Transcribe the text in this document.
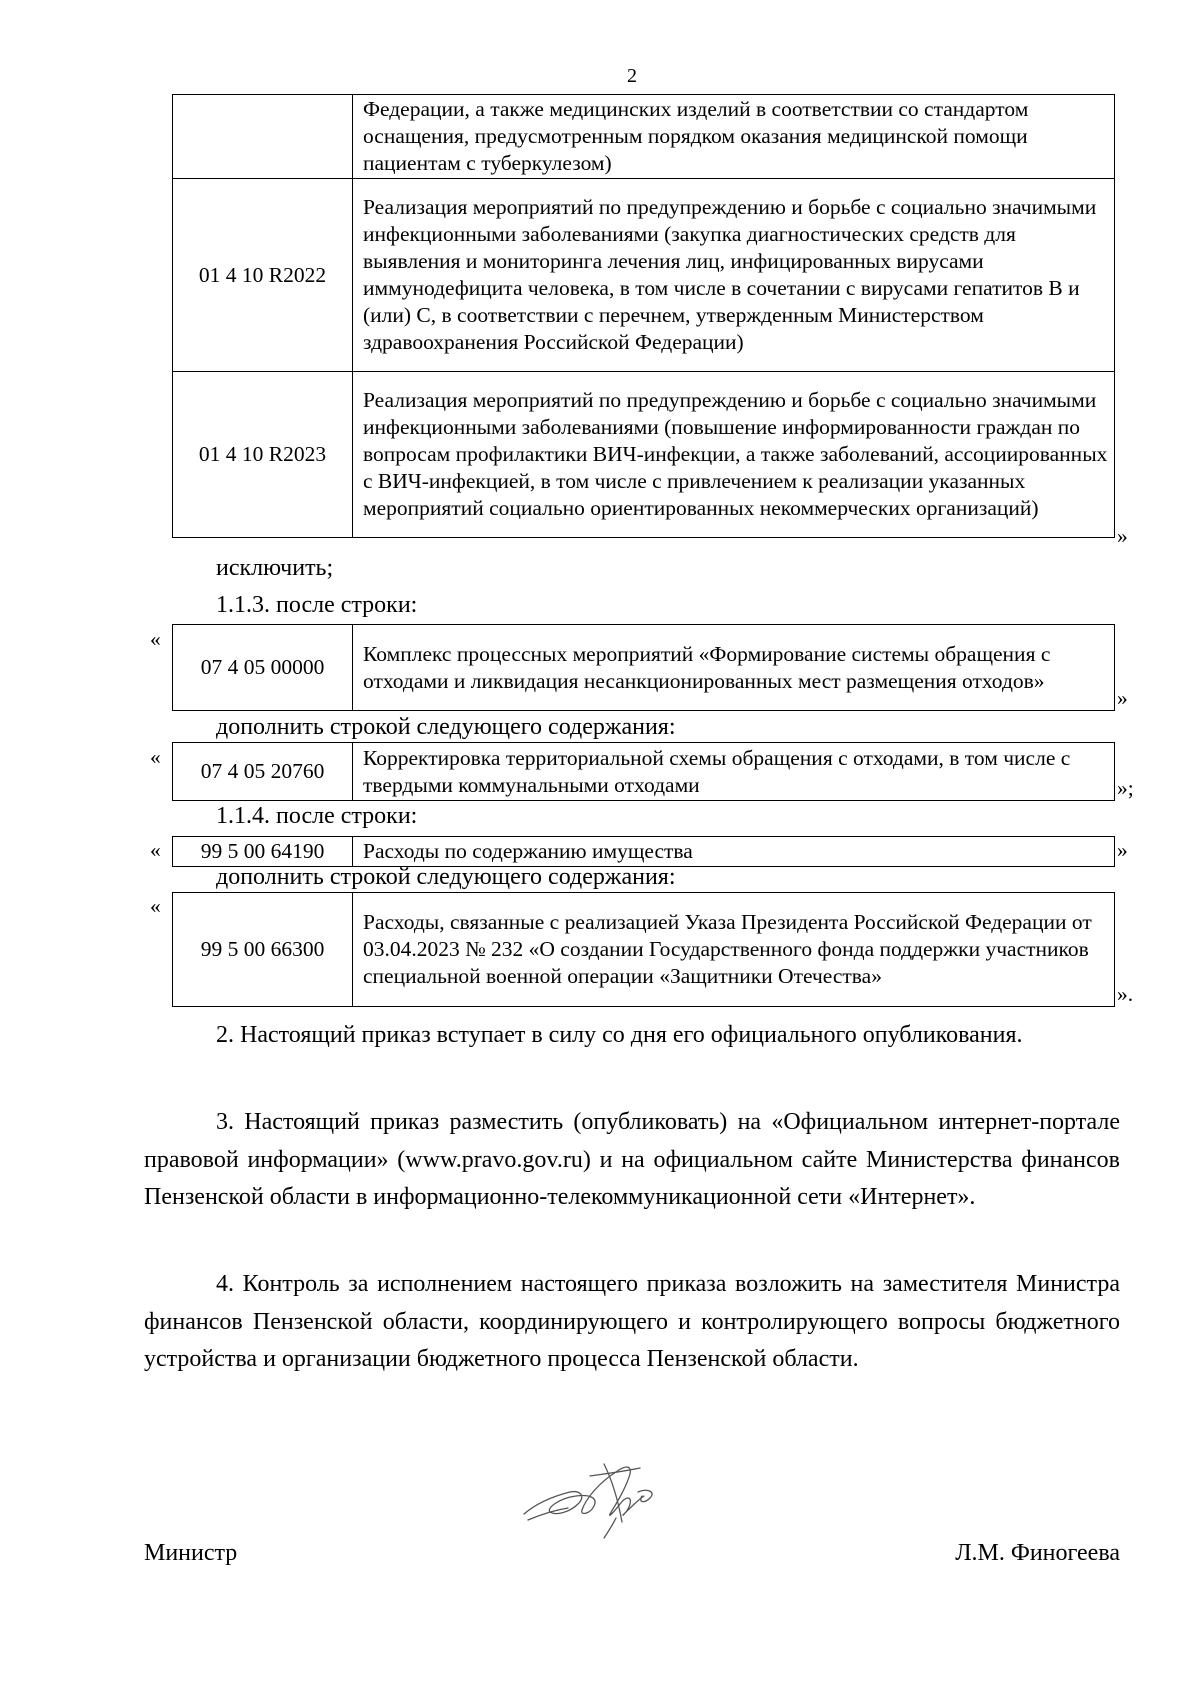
2
	Федерации, а также медицинских изделий в соответствии со стандартом оснащения, предусмотренным порядком оказания медицинской помощи пациентам с туберкулезом)
01 4 10 R2022	Реализация мероприятий по предупреждению и борьбе с социально значимыми инфекционными заболеваниями (закупка диагностических средств для выявления и мониторинга лечения лиц, инфицированных вирусами иммунодефицита человека, в том числе в сочетании с вирусами гепатитов B и (или) C, в соответствии с перечнем, утвержденным Министерством здравоохранения Российской Федерации)
01 4 10 R2023	Реализация мероприятий по предупреждению и борьбе с социально значимыми инфекционными заболеваниями (повышение информированности граждан по вопросам профилактики ВИЧ-инфекции, а также заболеваний, ассоциированных с ВИЧ-инфекцией, в том числе с привлечением к реализации указанных мероприятий социально ориентированных некоммерческих организаций)
»
исключить;
1.1.3. после строки:
«
07 4 05 00000	Комплекс процессных мероприятий «Формирование системы обращения с отходами и ликвидация несанкционированных мест размещения отходов»
»
дополнить строкой следующего содержания:
«
07 4 05 20760	Корректировка территориальной схемы обращения с отходами, в том числе с твердыми коммунальными отходами	»;
1.1.4. после строки:
« 99 5 00 64190	Расходы по содержанию имущества	»
дополнить строкой следующего содержания:
«
99 5 00 66300	Расходы, связанные с реализацией Указа Президента Российской Федерации от 03.04.2023 № 232 «О создании Государственного фонда поддержки участников специальной военной операции «Защитники Отечества»
».
2. Настоящий приказ вступает в силу со дня его официального опубликования.
3. Настоящий приказ разместить (опубликовать) на «Официальном интернет-портале правовой информации» (www.pravo.gov.ru) и на официальном сайте Министерства финансов Пензенской области в информационно-телекоммуникационной сети «Интернет».
4. Контроль за исполнением настоящего приказа возложить на заместителя Министра финансов Пензенской области, координирующего и контролирующего вопросы бюджетного устройства и организации бюджетного процесса Пензенской области.
Министр	Л.М. Финогеева
